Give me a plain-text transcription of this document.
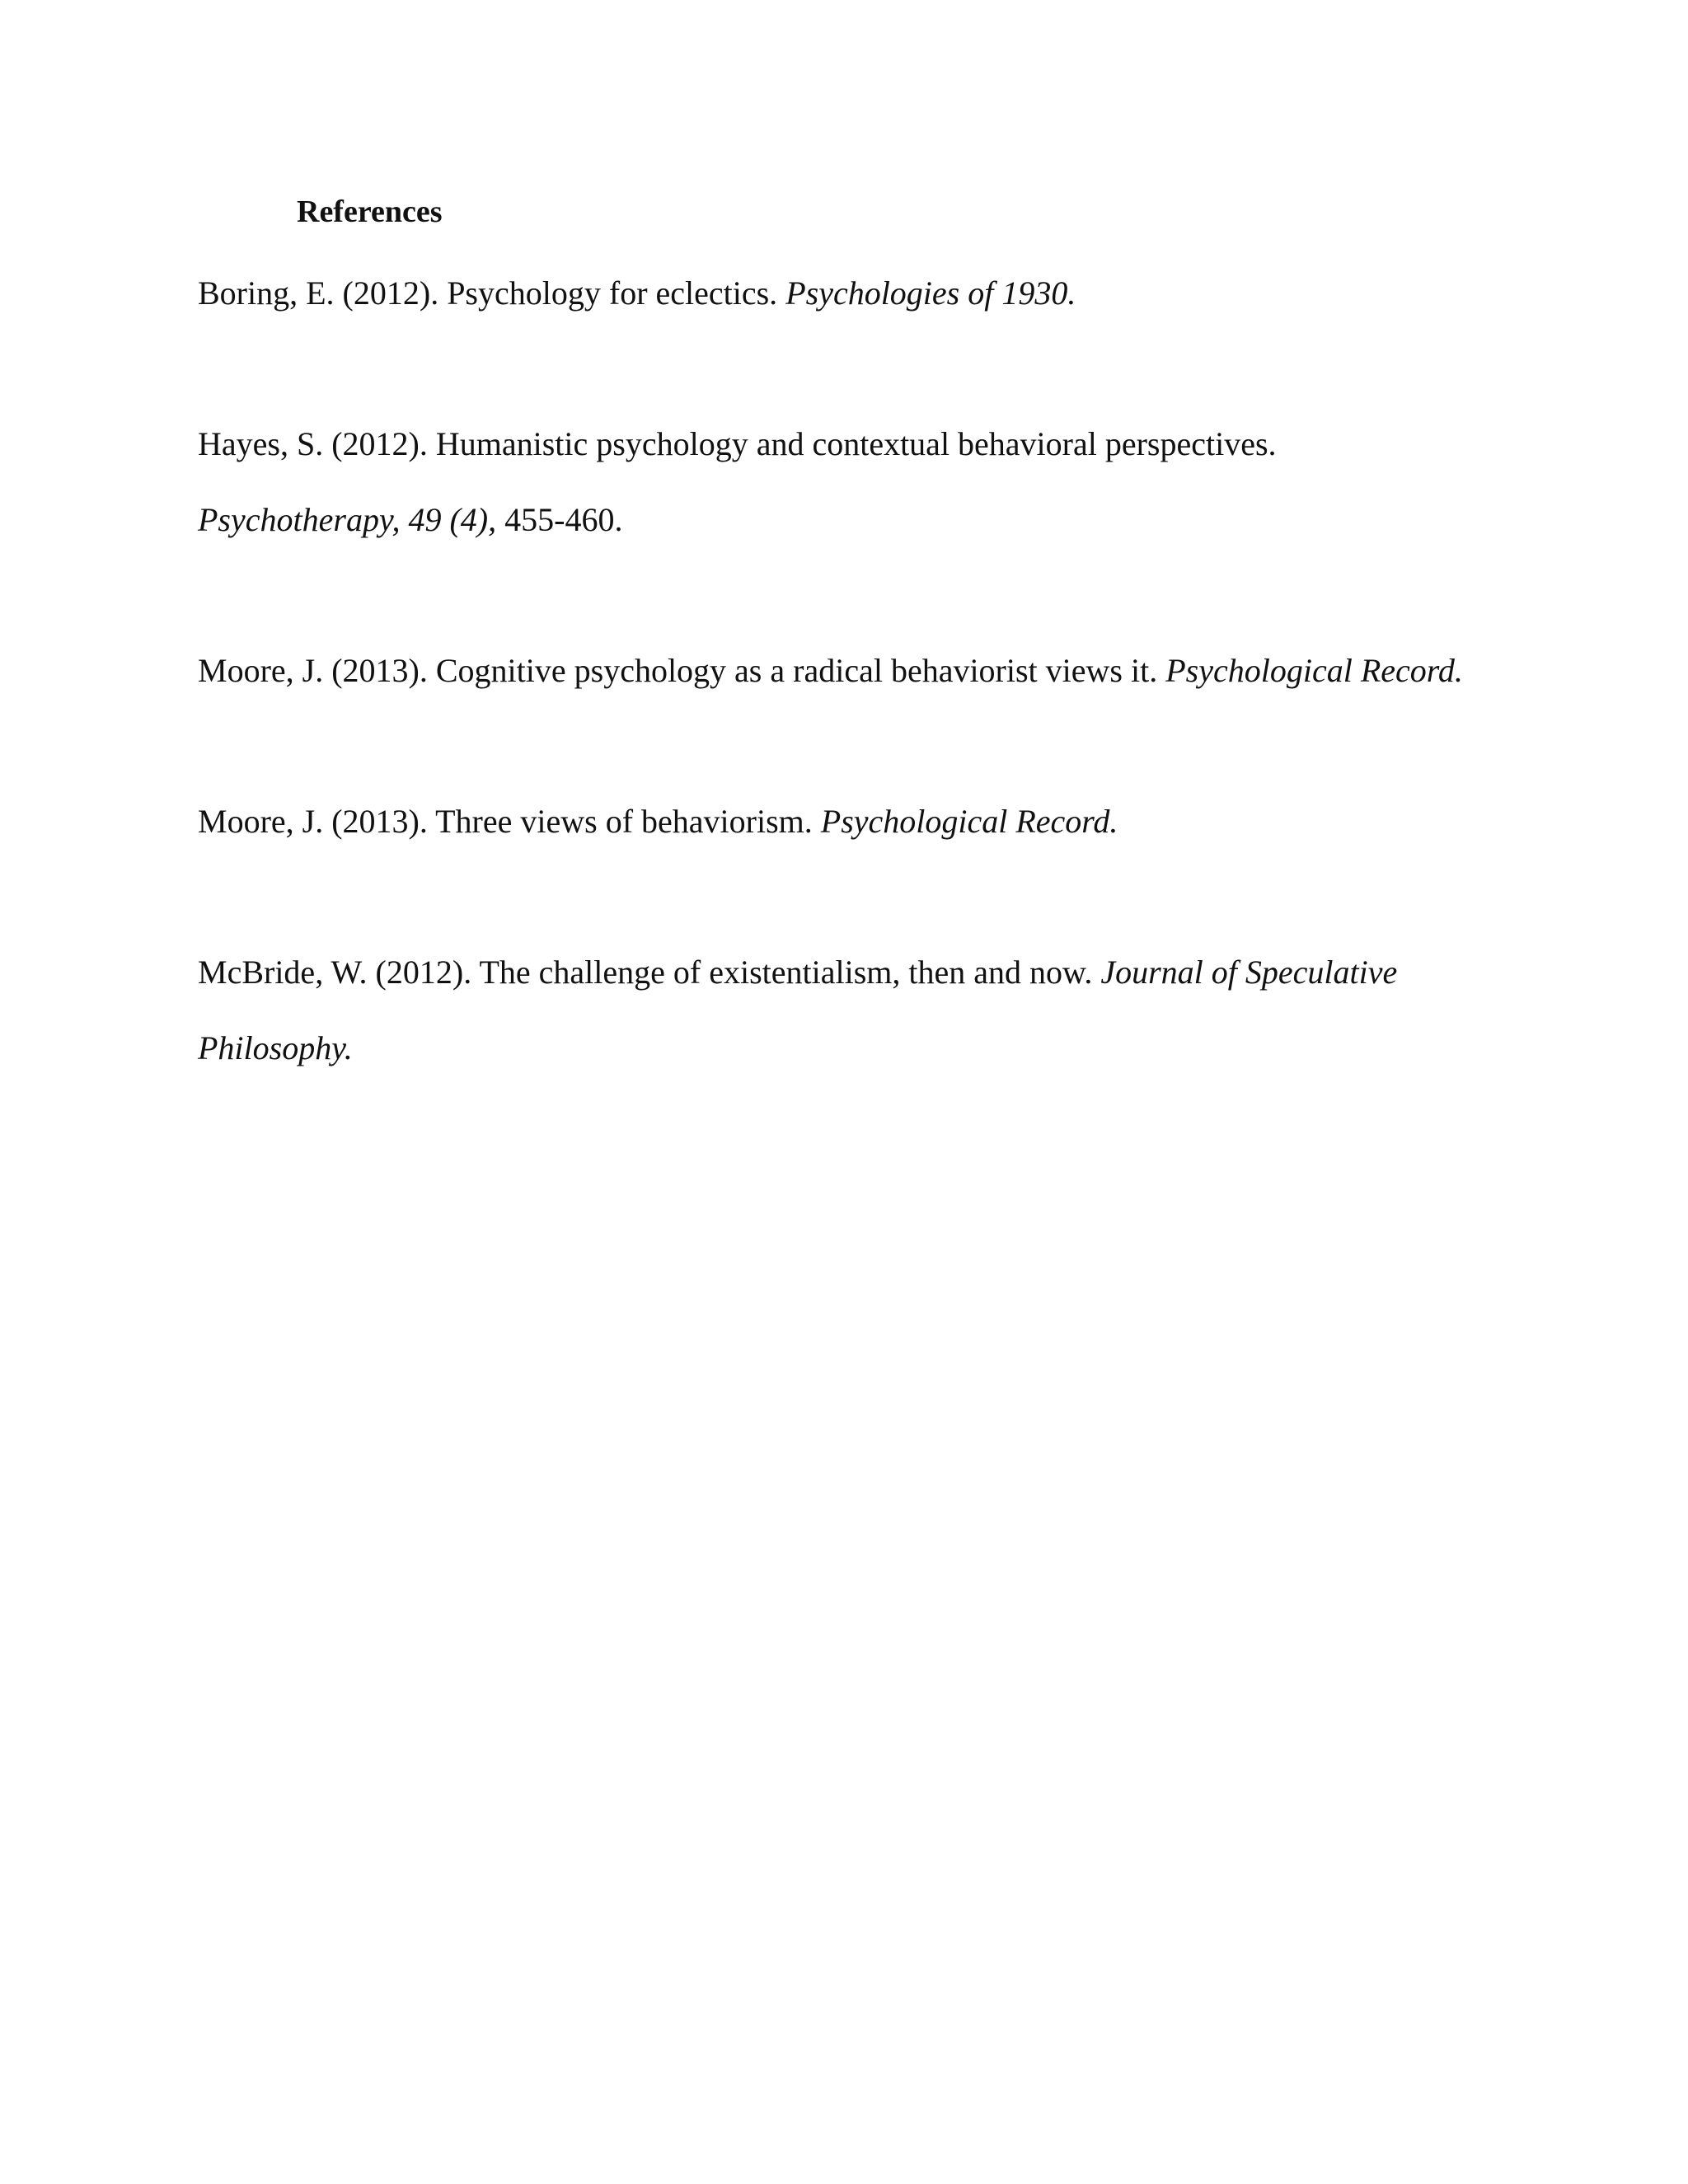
References
Boring, E. (2012). Psychology for eclectics. Psychologies of 1930.
Hayes, S. (2012). Humanistic psychology and contextual behavioral perspectives.
Psychotherapy, 49 (4), 455-460.
Moore, J. (2013). Cognitive psychology as a radical behaviorist views it. Psychological Record.
Moore, J. (2013). Three views of behaviorism. Psychological Record.
McBride, W. (2012). The challenge of existentialism, then and now. Journal of Speculative
Philosophy.
